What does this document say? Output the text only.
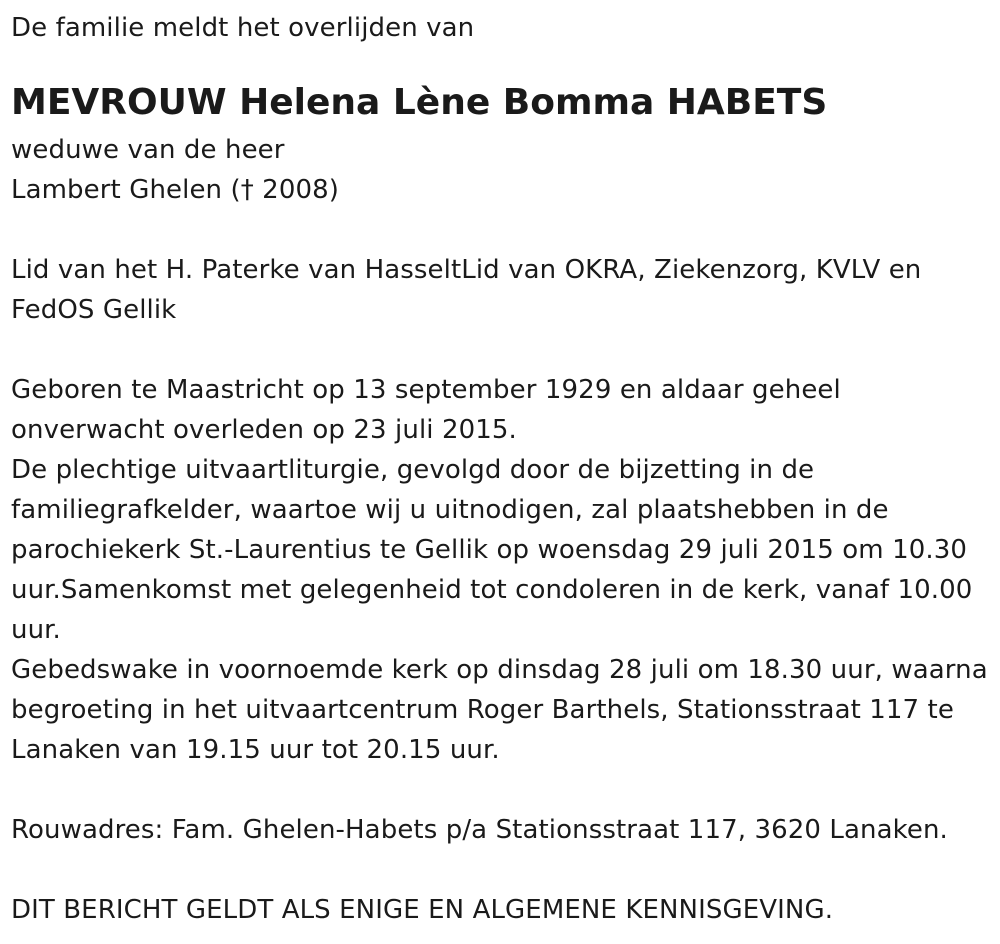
De familie meldt het overlijden van
MEVROUW Helena Lène Bomma HABETS
weduwe van de heer
Lambert Ghelen († 2008)
Lid van het H. Paterke van HasseltLid van OKRA, Ziekenzorg, KVLV en
FedOS Gellik
Geboren te Maastricht op 13 september 1929 en aldaar geheel
onverwacht overleden op 23 juli 2015.
De plechtige uitvaartliturgie, gevolgd door de bijzetting in de
familiegrafkelder, waartoe wij u uitnodigen, zal plaatshebben in de
parochiekerk St.-Laurentius te Gellik op woensdag 29 juli 2015 om 10.30
uur.Samenkomst met gelegenheid tot condoleren in de kerk, vanaf 10.00
uur.
Gebedswake in voornoemde kerk op dinsdag 28 juli om 18.30 uur, waarna
begroeting in het uitvaartcentrum Roger Barthels, Stationsstraat 117 te
Lanaken van 19.15 uur tot 20.15 uur.
Rouwadres: Fam. Ghelen-Habets p/a Stationsstraat 117, 3620 Lanaken.
DIT BERICHT GELDT ALS ENIGE EN ALGEMENE KENNISGEVING.
